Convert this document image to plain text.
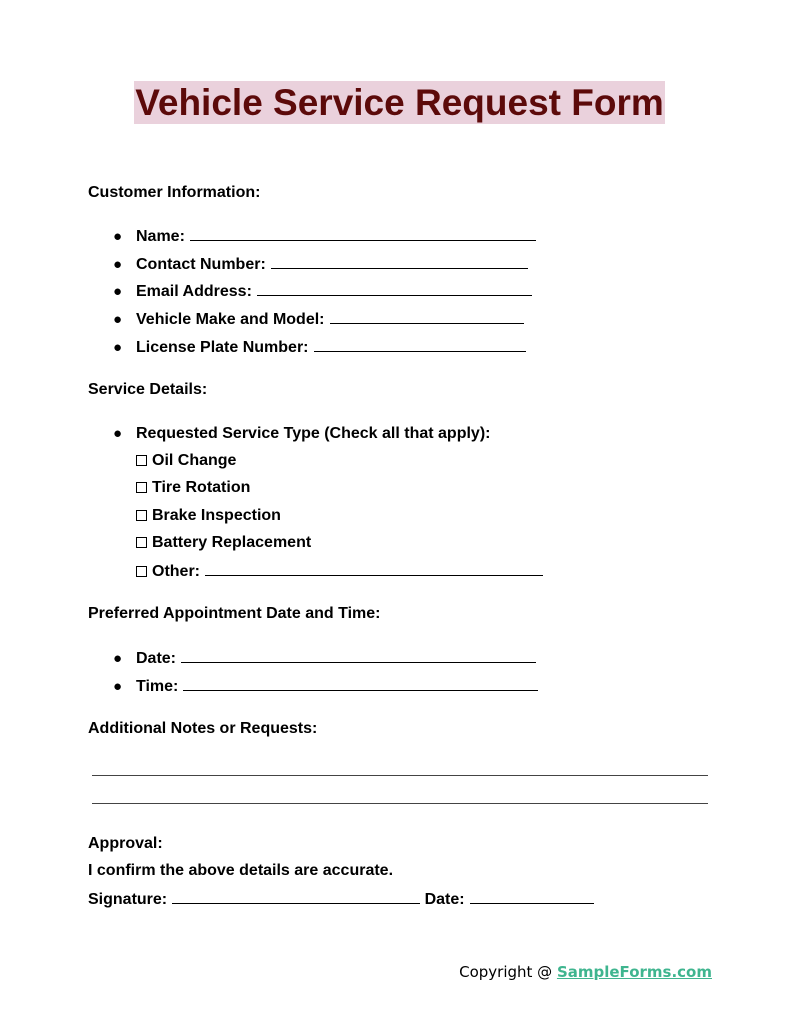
Vehicle Service Request Form
Customer Information:
● Name:
● Contact Number:
● Email Address:
● Vehicle Make and Model:
● License Plate Number:
Service Details:
● Requested Service Type (Check all that apply):
Oil Change
Tire Rotation
Brake Inspection
Battery Replacement
Other:
Preferred Appointment Date and Time:
● Date:
● Time:
Additional Notes or Requests:
Approval:
I confirm the above details are accurate.
Signature:	Date:
Copyright @ SampleForms.com
